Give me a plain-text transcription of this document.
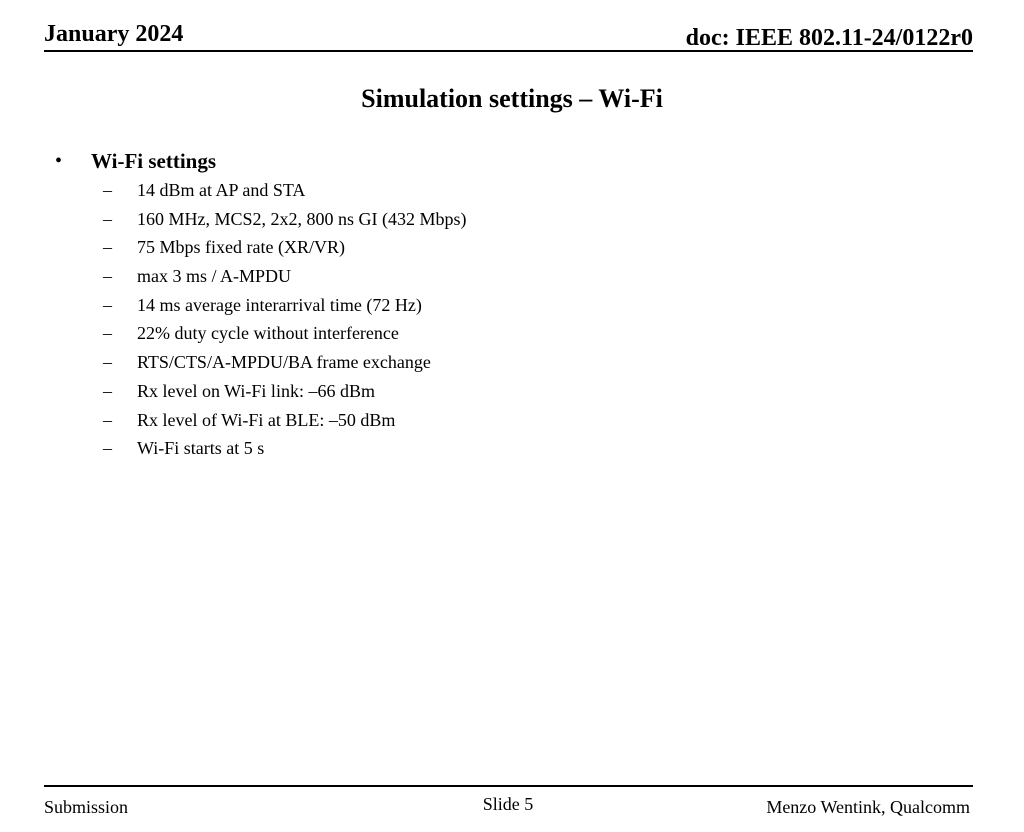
January 2024	doc: IEEE 802.11-24/0122r0
Simulation settings – Wi-Fi
• Wi-Fi settings
– 14 dBm at AP and STA
– 160 MHz, MCS2, 2x2, 800 ns GI (432 Mbps)
– 75 Mbps fixed rate (XR/VR)
– max 3 ms / A-MPDU
– 14 ms average interarrival time (72 Hz)
– 22% duty cycle without interference
– RTS/CTS/A-MPDU/BA frame exchange
– Rx level on Wi-Fi link: –66 dBm
– Rx level of Wi-Fi at BLE: –50 dBm
– Wi-Fi starts at 5 s
Submission	Slide 5	Menzo Wentink, Qualcomm
